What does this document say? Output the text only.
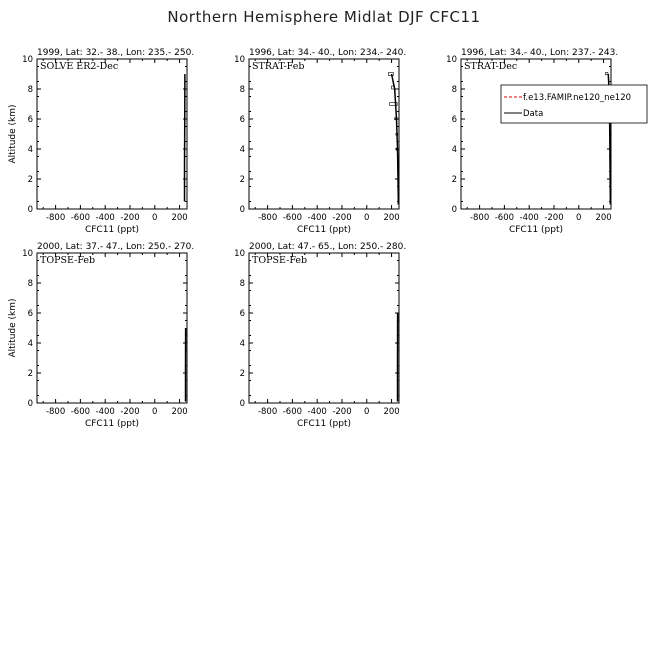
Northern Hemisphere Midlat DJF CFC11
1999, Lat: 32.- 38., Lon: 235.- 250.
0
2
4
6
8
10
-800 -600 -400 -200 0 200
CFC11 (ppt)
Altitude (km)
SOLVE ER2-Dec
1996, Lat: 34.- 40., Lon: 234.- 240.
0
2
4
6
8
10
-800 -600 -400 -200 0 200
CFC11 (ppt)
STRAT-Feb
1996, Lat: 34.- 40., Lon: 237.- 243.
0
2
4
6
8
10
-800 -600 -400 -200 0 200
CFC11 (ppt)
STRAT-Dec
2000, Lat: 37.- 47., Lon: 250.- 270.
0
2
4
6
8
10
-800 -600 -400 -200 0 200
CFC11 (ppt)
Altitude (km)
TOPSE-Feb
2000, Lat: 47.- 65., Lon: 250.- 280.
0
2
4
6
8
10
-800 -600 -400 -200 0 200
CFC11 (ppt)
TOPSE-Feb
f.e13.FAMIP.ne120_ne120
Data
